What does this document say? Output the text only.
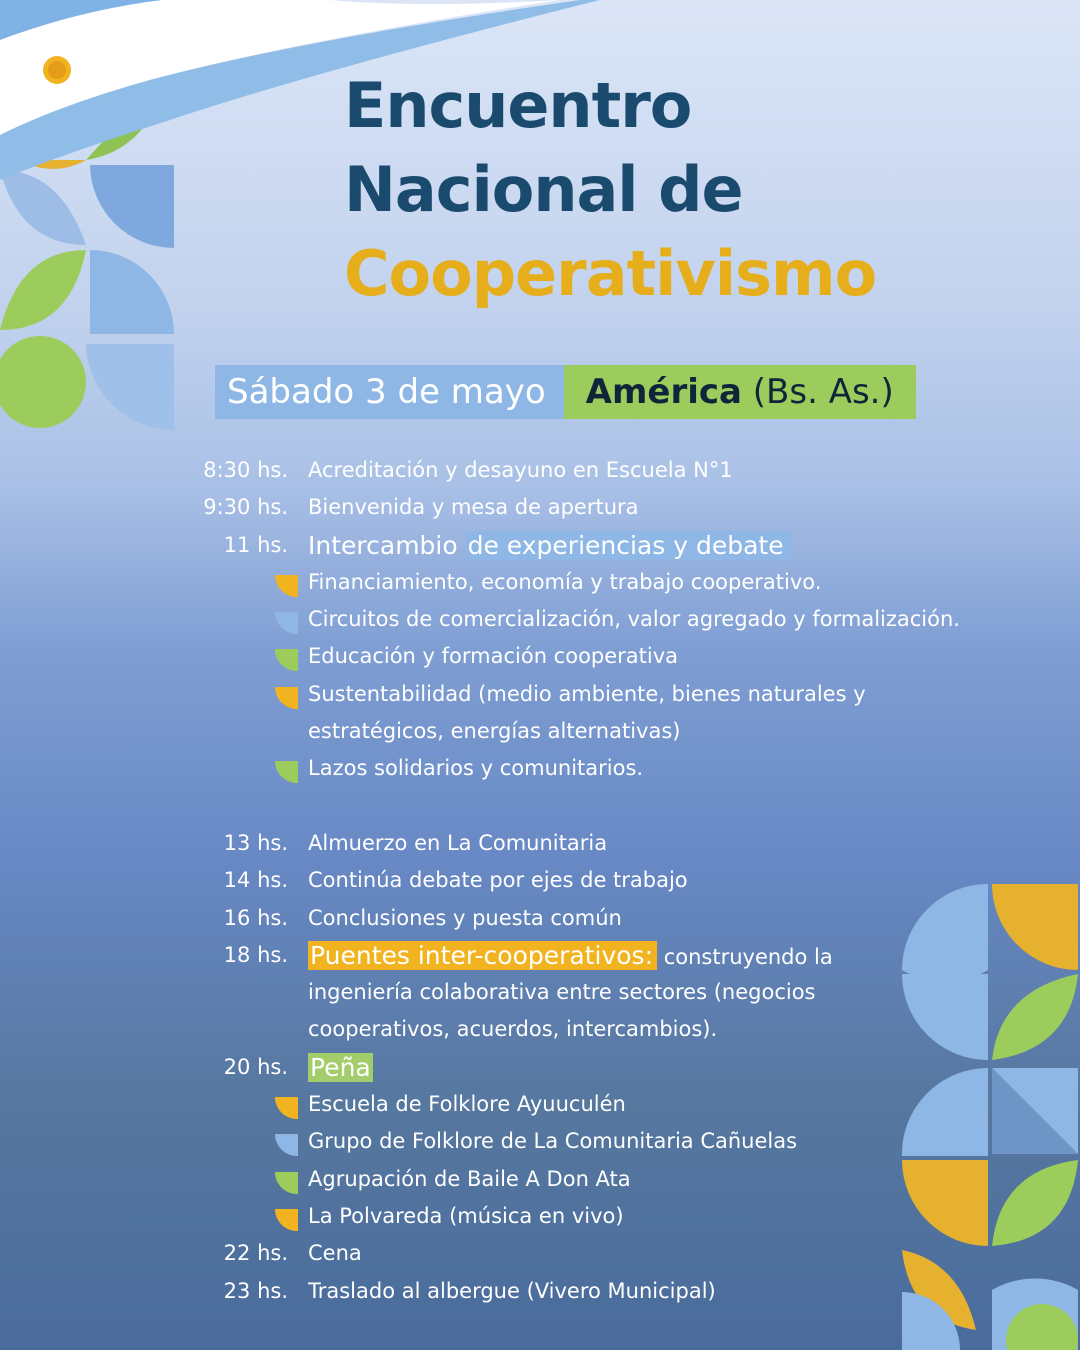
Encuentro
Nacional de
Cooperativismo
Sábado 3 de mayo	América (Bs. As.)
8:30 hs. Acreditación y desayuno en Escuela N°1
9:30 hs. Bienvenida y mesa de apertura
11 hs. Intercambio de experiencias y debate
Financiamiento, economía y trabajo cooperativo.
Circuitos de comercialización, valor agregado y formalización.
Educación y formación cooperativa
Sustentabilidad (medio ambiente, bienes naturales y
estratégicos, energías alternativas)
Lazos solidarios y comunitarios.
13 hs. Almuerzo en La Comunitaria
14 hs. Continúa debate por ejes de trabajo
16 hs. Conclusiones y puesta común
18 hs. Puentes inter-cooperativos: construyendo la
ingeniería colaborativa entre sectores (negocios
cooperativos, acuerdos, intercambios).
20 hs. Peña
Escuela de Folklore Ayuuculén
Grupo de Folklore de La Comunitaria Cañuelas
Agrupación de Baile A Don Ata
La Polvareda (música en vivo)
22 hs. Cena
23 hs. Traslado al albergue (Vivero Municipal)
